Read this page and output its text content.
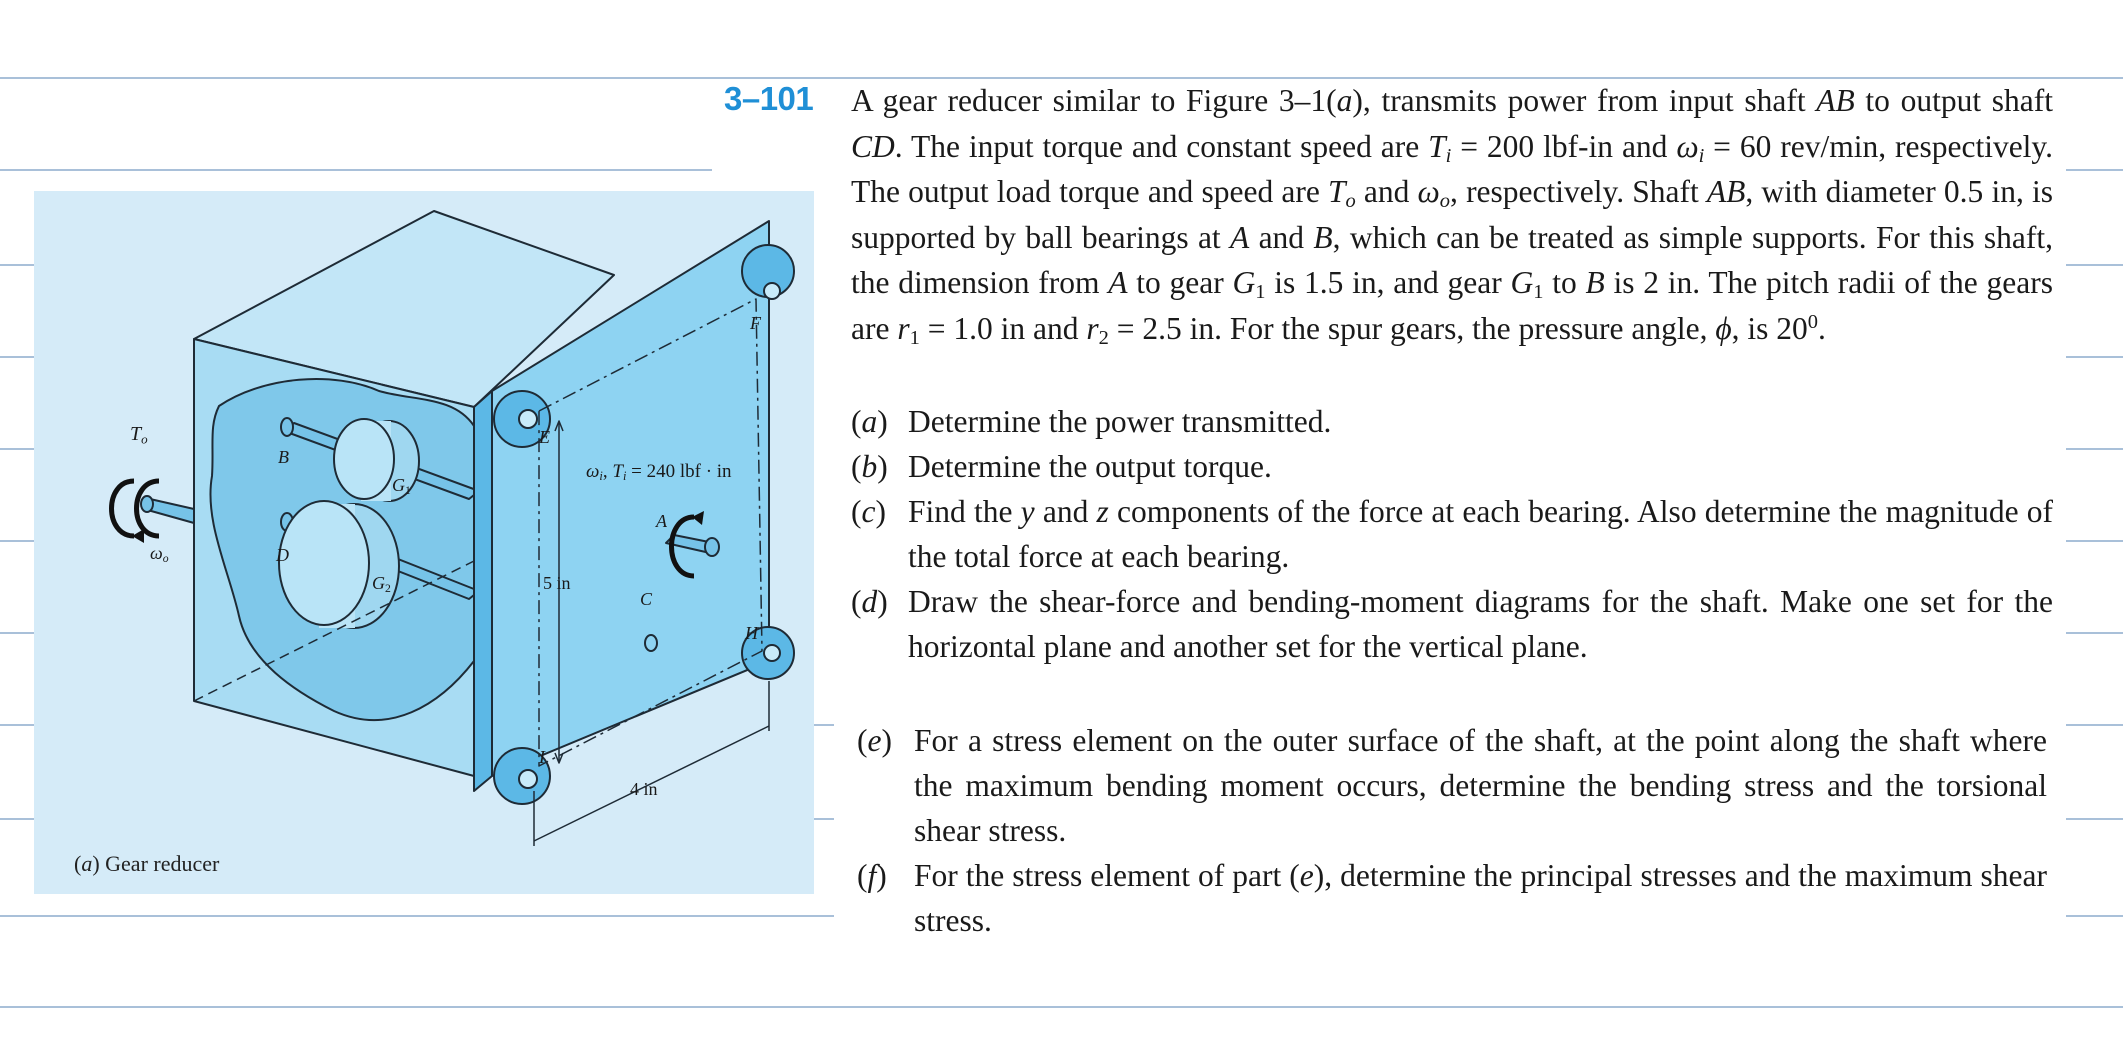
$T_o$
$\omega_o$
B
D
$G_1$
$G_2$
E
F
H
I
A
C
$\omega_i$, $T_i = 240$ lbf · in
5 in
4 in
(a) Gear reducer
3–101 A gear reducer similar to Figure 3–1(a), transmits power from input shaft AB to output shaft CD. The input torque and constant speed are $T_i = 200$ lbf-in and $\omega_i = 60$ rev/min, respectively. The output load torque and speed are $T_o$ and $\omega_o$, respectively. Shaft AB, with diameter 0.5 in, is supported by ball bearings at A and B, which can be treated as simple supports. For this shaft, the dimension from A to gear $G_1$ is 1.5 in, and gear $G_1$ to B is 2 in. The pitch radii of the gears are $r_1 = 1.0$ in and $r_2 = 2.5$ in. For the spur gears, the pressure angle, ϕ, is $20^0$.
(a) Determine the power transmitted.
(b) Determine the output torque.
(c) Find the y and z components of the force at each bearing. Also determine the magnitude of the total force at each bearing.
(d) Draw the shear-force and bending-moment diagrams for the shaft. Make one set for the horizontal plane and another set for the vertical plane.
(e) For a stress element on the outer surface of the shaft, at the point along the shaft where the maximum bending moment occurs, determine the bending stress and the torsional shear stress.
(f) For the stress element of part (e), determine the principal stresses and the maximum shear stress.
